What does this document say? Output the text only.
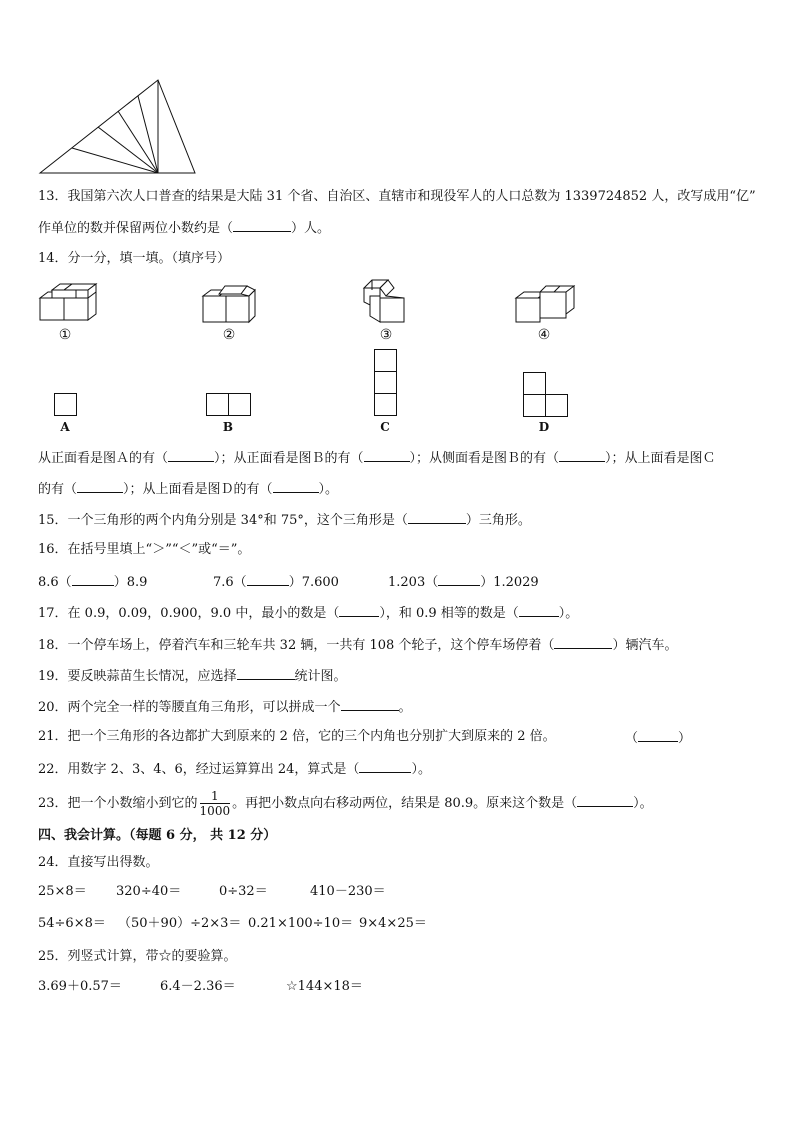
13．我国第六次人口普查的结果是大陆 31 个省、自治区、直辖市和现役军人的人口总数为 1339724852 人，改写成用“亿”
作单位的数并保留两位小数约是（	）人。
14．分一分，填一填。（填序号）
①	②	③	④
A	B	C	D
从正面看是图Ａ的有（	）；从正面看是图Ｂ的有（	）；从侧面看是图Ｂ的有（	）；从上面看是图Ｃ
的有（	）；从上面看是图Ｄ的有（	）。
15．一个三角形的两个内角分别是 34°和 75°，这个三角形是（	）三角形。
16．在括号里填上“＞”“＜”或“＝”。
8.6（	）8.9	7.6（	）7.600	1.203（	）1.2029
17．在 0.9，0.09，0.900，9.0 中，最小的数是（	），和 0.9 相等的数是（	）。
18．一个停车场上，停着汽车和三轮车共 32 辆，一共有 108 个轮子，这个停车场停着（	）辆汽车。
19．要反映蒜苗生长情况，应选择	统计图。
20．两个完全一样的等腰直角三角形，可以拼成一个	。
21．把一个三角形的各边都扩大到原来的 2 倍，它的三个内角也分别扩大到原来的 2 倍。	（	）
22．用数字 2、3、4、6，经过运算算出 24，算式是（	）。
23．把一个小数缩小到它的 $\frac{1}{1000}$ 。再把小数点向右移动两位，结果是 80.9。原来这个数是（	）。
四、我会计算。（每题 6 分， 共 12 分）
24．直接写出得数。
25×8＝ 320÷40＝	0÷32＝	410－230＝
54÷6×8＝ （50＋90）÷2×3＝ 0.21×100÷10＝ 9×4×25＝
25．列竖式计算，带☆的要验算。
3.69＋0.57＝	6.4－2.36＝	☆144×18＝
